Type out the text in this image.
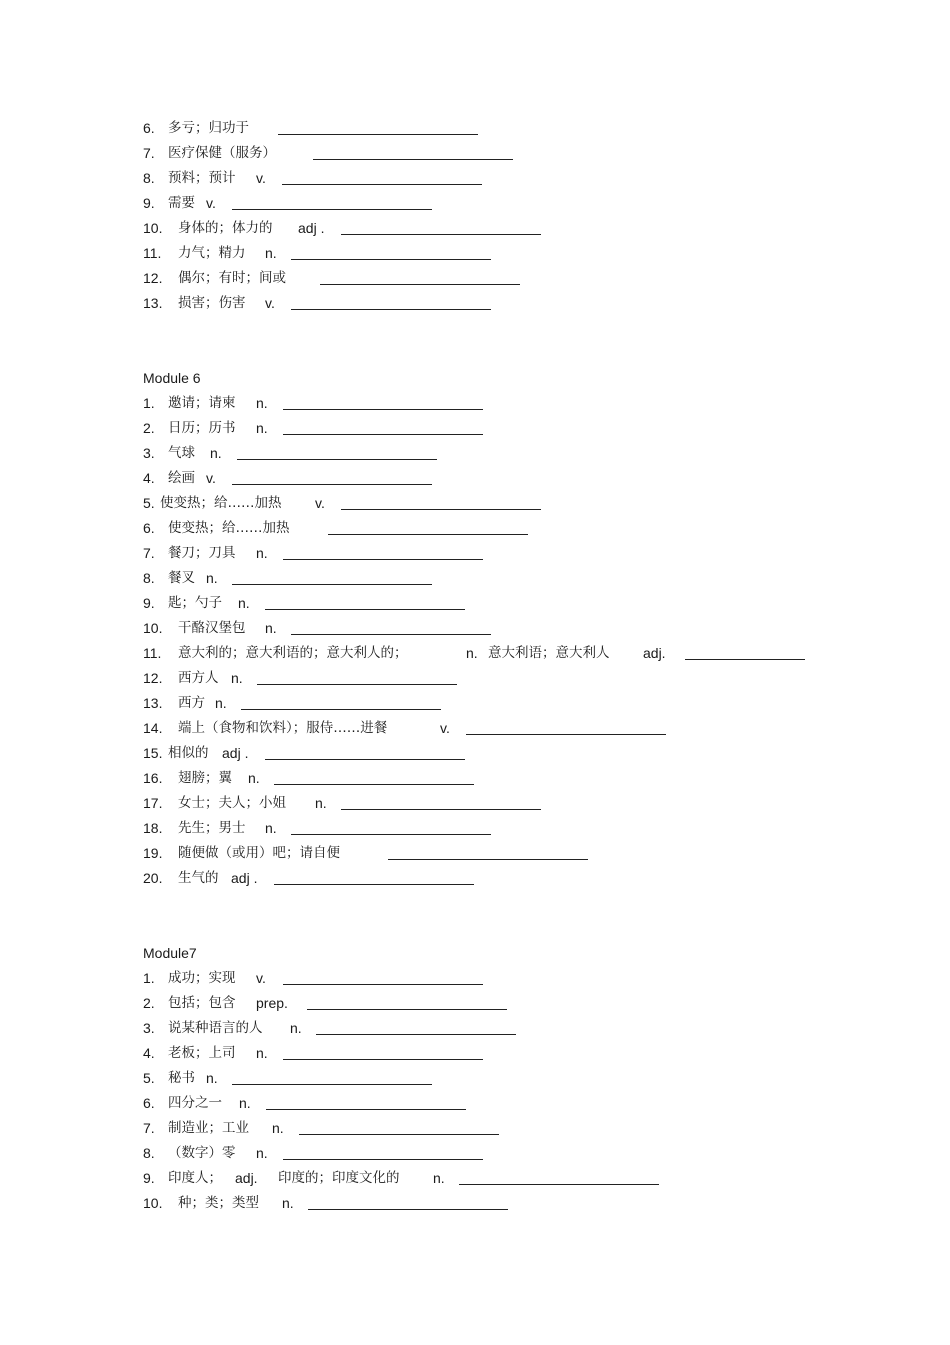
6. 多亏；归功于
7. 医疗保健（服务）
8. 预料；预计	v.
9. 需要 v.
10.	身体的；体力的	adj .
11.	力气；精力	n.
12.	偶尔；有时；间或
13.	损害；伤害	v.
Module 6
1. 邀请；请柬	n.
2. 日历；历书	n.
3. 气球	n.
4. 绘画 v.
5. 使变热；给……加热	v.
6. 使变热；给……加热
7. 餐刀；刀具	n.
8. 餐叉 n.
9. 匙；勺子	n.
10.	干酪汉堡包	n.
11.	意大利的；意大利语的；意大利人的；	n. 意大利语；意大利人	adj.
12.	西方人 n.
13.	西方 n.
14.	端上（食物和饮料）；服侍……进餐	v.
15. 相似的 adj .
16.	翅膀；翼	n.
17.	女士；夫人；小姐	n.
18.	先生；男士	n.
19.	随便做（或用）吧；请自便
20.	生气的 adj .
Module7
1. 成功；实现	v.
2. 包括；包含	prep.
3. 说某种语言的人	n.
4. 老板；上司	n.
5. 秘书 n.
6. 四分之一	n.
7. 制造业；工业	n.
8. （数字）零	n.
9. 印度人； adj.	印度的；印度文化的	n.
10.	种；类；类型	n.
